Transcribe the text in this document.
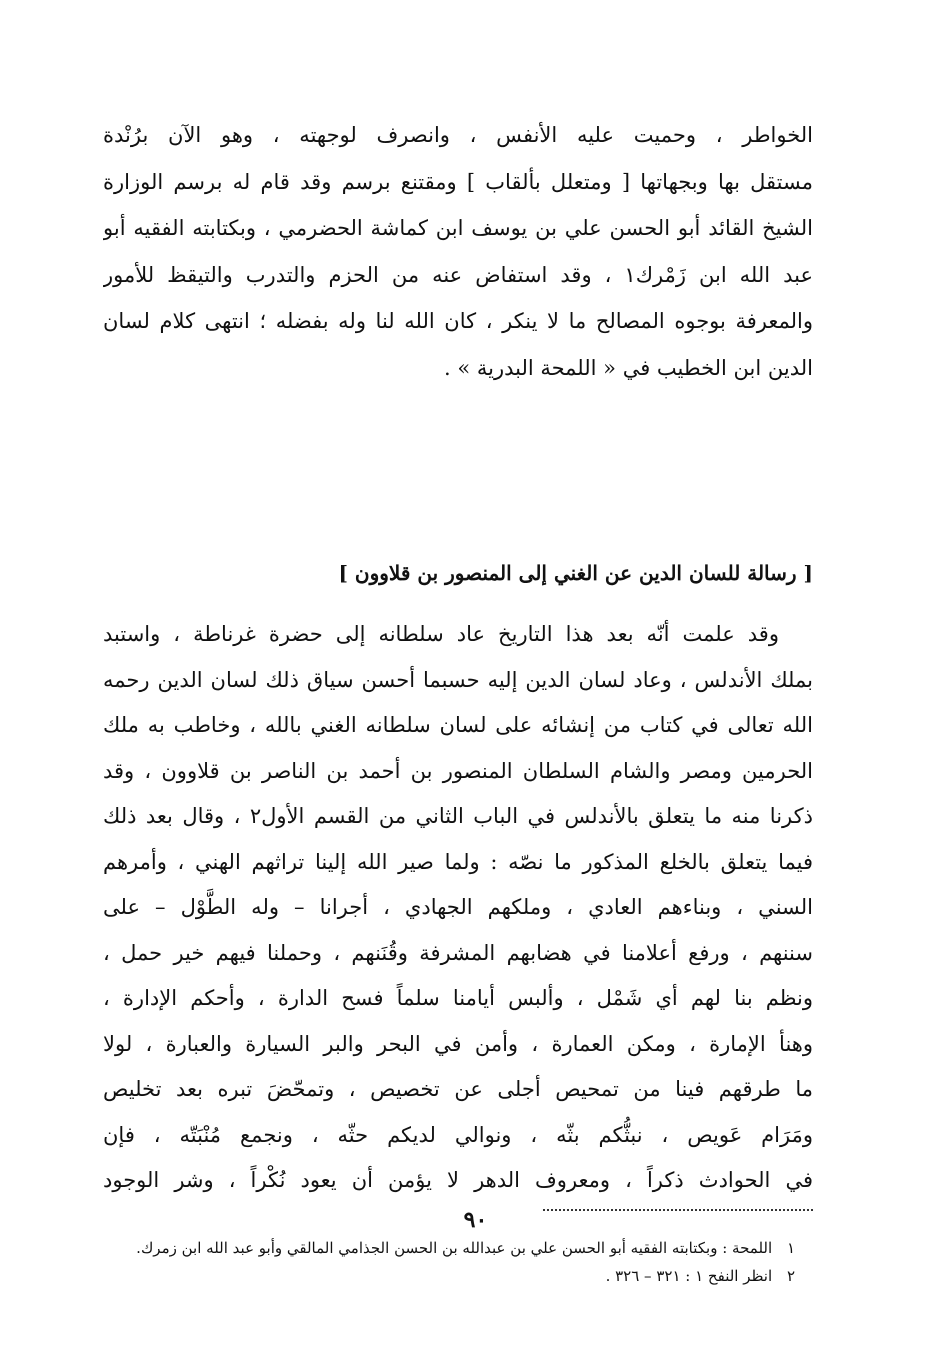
الخواطر ، وحميت عليه الأنفس ، وانصرف لوجهته ، وهو الآن برُنْدة
مستقل بها وبجهاتها [ ومتعلل بألقاب ] ومقتنع برسم وقد قام له برسم الوزارة
الشيخ القائد أبو الحسن علي بن يوسف ابن كماشة الحضرمي ، وبكتابته الفقيه أبو
عبد الله ابن زَمْرك١ ، وقد استفاض عنه من الحزم والتدرب والتيقظ للأمور
والمعرفة بوجوه المصالح ما لا ينكر ، كان الله لنا وله بفضله ؛ انتهى كلام لسان
الدين ابن الخطيب في « اللمحة البدرية » .
[ رسالة للسان الدين عن الغني إلى المنصور بن قلاوون ]
وقد علمت أنّه بعد هذا التاريخ عاد سلطانه إلى حضرة غرناطة ، واستبد
بملك الأندلس ، وعاد لسان الدين إليه حسبما أحسن سياق ذلك لسان الدين رحمه
الله تعالى في كتاب من إنشائه على لسان سلطانه الغني بالله ، وخاطب به ملك
الحرمين ومصر والشام السلطان المنصور بن أحمد بن الناصر بن قلاوون ، وقد
ذكرنا منه ما يتعلق بالأندلس في الباب الثاني من القسم الأول٢ ، وقال بعد ذلك
فيما يتعلق بالخلع المذكور ما نصّه : ولما صير الله إلينا تراثهم الهني ، وأمرهم
السني ، وبناءهم العادي ، وملكهم الجهادي ، أجرانا – وله الطَّوْل – على
سننهم ، ورفع أعلامنا في هضابهم المشرفة وقُنَنهم ، وحملنا فيهم خير حمل ،
ونظم بنا لهم أي شَمْل ، وألبس أيامنا سلماً فسح الدارة ، وأحكم الإدارة ،
وهنأ الإمارة ، ومكن العمارة ، وأمن في البحر والبر السيارة والعبارة ، لولا
ما طرقهم فينا من تمحيص أجلى عن تخصيص ، وتمحّضَ تبره بعد تخليص
ومَرَام عَويص ، نبثُّكم بثّه ، ونوالي لديكم حثّه ، ونجمع مُنْبَتّه ، فإن
في الحوادث ذكراً ، ومعروف الدهر لا يؤمن أن يعود نُكْراً ، وشر الوجود
١ اللمحة : وبكتابته الفقيه أبو الحسن علي بن عبدالله بن الحسن الجذامي المالقي وأبو عبد الله ابن زمرك.
٢ انظر النفح ١ : ٣٢١ – ٣٢٦ .
٩٠
